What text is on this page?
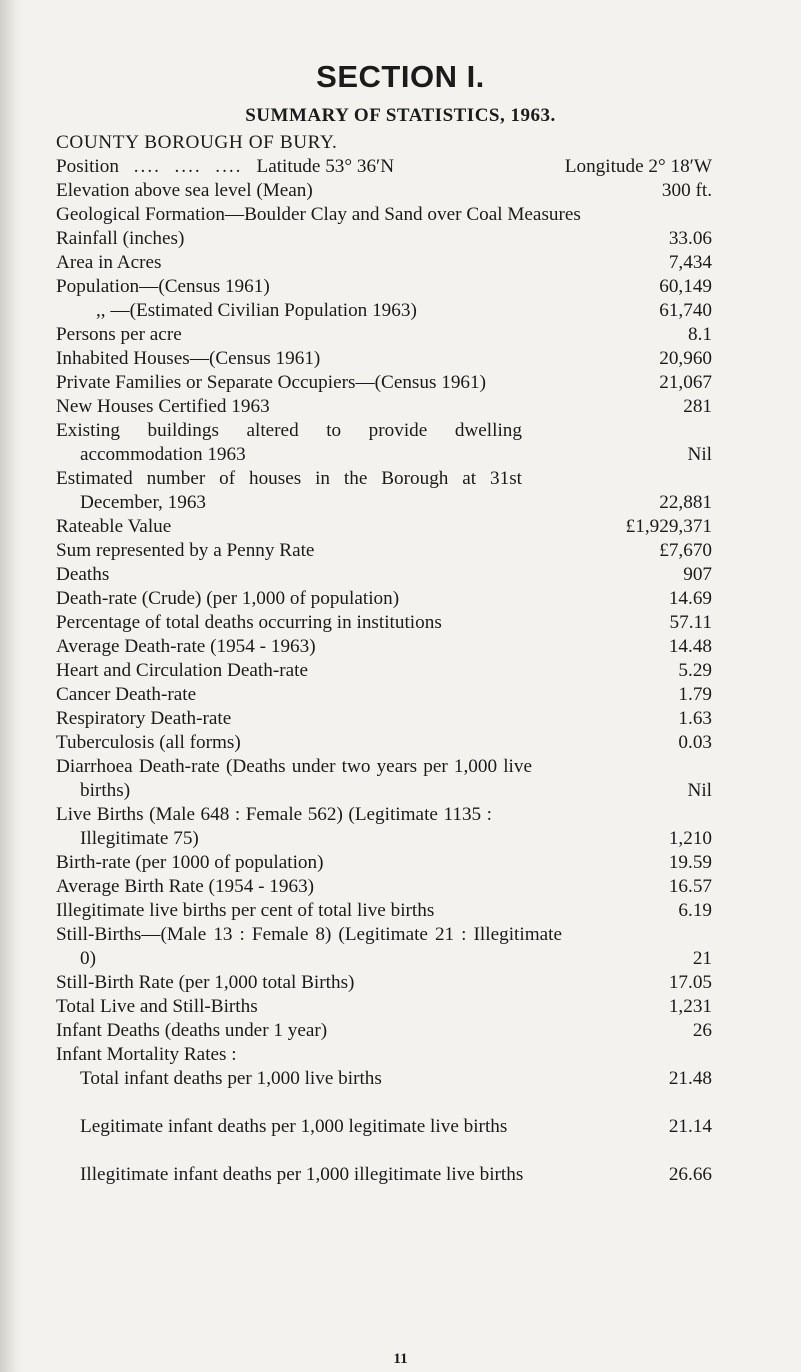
SECTION I.
SUMMARY OF STATISTICS, 1963.
COUNTY BOROUGH OF BURY.
Position ....  ....  .... Latitude 53° 36′N	Longitude 2° 18′W
Elevation above sea level (Mean)	300 ft.
Geological Formation—Boulder Clay and Sand over Coal Measures
Rainfall (inches)	33.06
Area in Acres	7,434
Population—(Census 1961)	60,149
,, —(Estimated Civilian Population 1963)	61,740
Persons per acre	8.1
Inhabited Houses—(Census 1961)	20,960
Private Families or Separate Occupiers—(Census 1961)	21,067
New Houses Certified 1963	281
Existing buildings altered to provide dwelling accommodation 1963	Nil
Estimated number of houses in the Borough at 31st December, 1963	22,881
Rateable Value	£1,929,371
Sum represented by a Penny Rate	£7,670
Deaths	907
Death-rate (Crude) (per 1,000 of population)	14.69
Percentage of total deaths occurring in institutions	57.11
Average Death-rate (1954 - 1963)	14.48
Heart and Circulation Death-rate	5.29
Cancer Death-rate	1.79
Respiratory Death-rate	1.63
Tuberculosis (all forms)	0.03
Diarrhoea Death-rate (Deaths under two years per 1,000 live births)	Nil
Live Births (Male 648 : Female 562) (Legitimate 1135 : Illegitimate 75)	1,210
Birth-rate (per 1000 of population)	19.59
Average Birth Rate (1954 - 1963)	16.57
Illegitimate live births per cent of total live births	6.19
Still-Births—(Male 13 : Female 8) (Legitimate 21 : Illegitimate 0)	21
Still-Birth Rate (per 1,000 total Births)	17.05
Total Live and Still-Births	1,231
Infant Deaths (deaths under 1 year)	26
Infant Mortality Rates :
Total infant deaths per 1,000 live births	21.48
Legitimate infant deaths per 1,000 legitimate live births	21.14
Illegitimate infant deaths per 1,000 illegitimate live births	26.66
11
